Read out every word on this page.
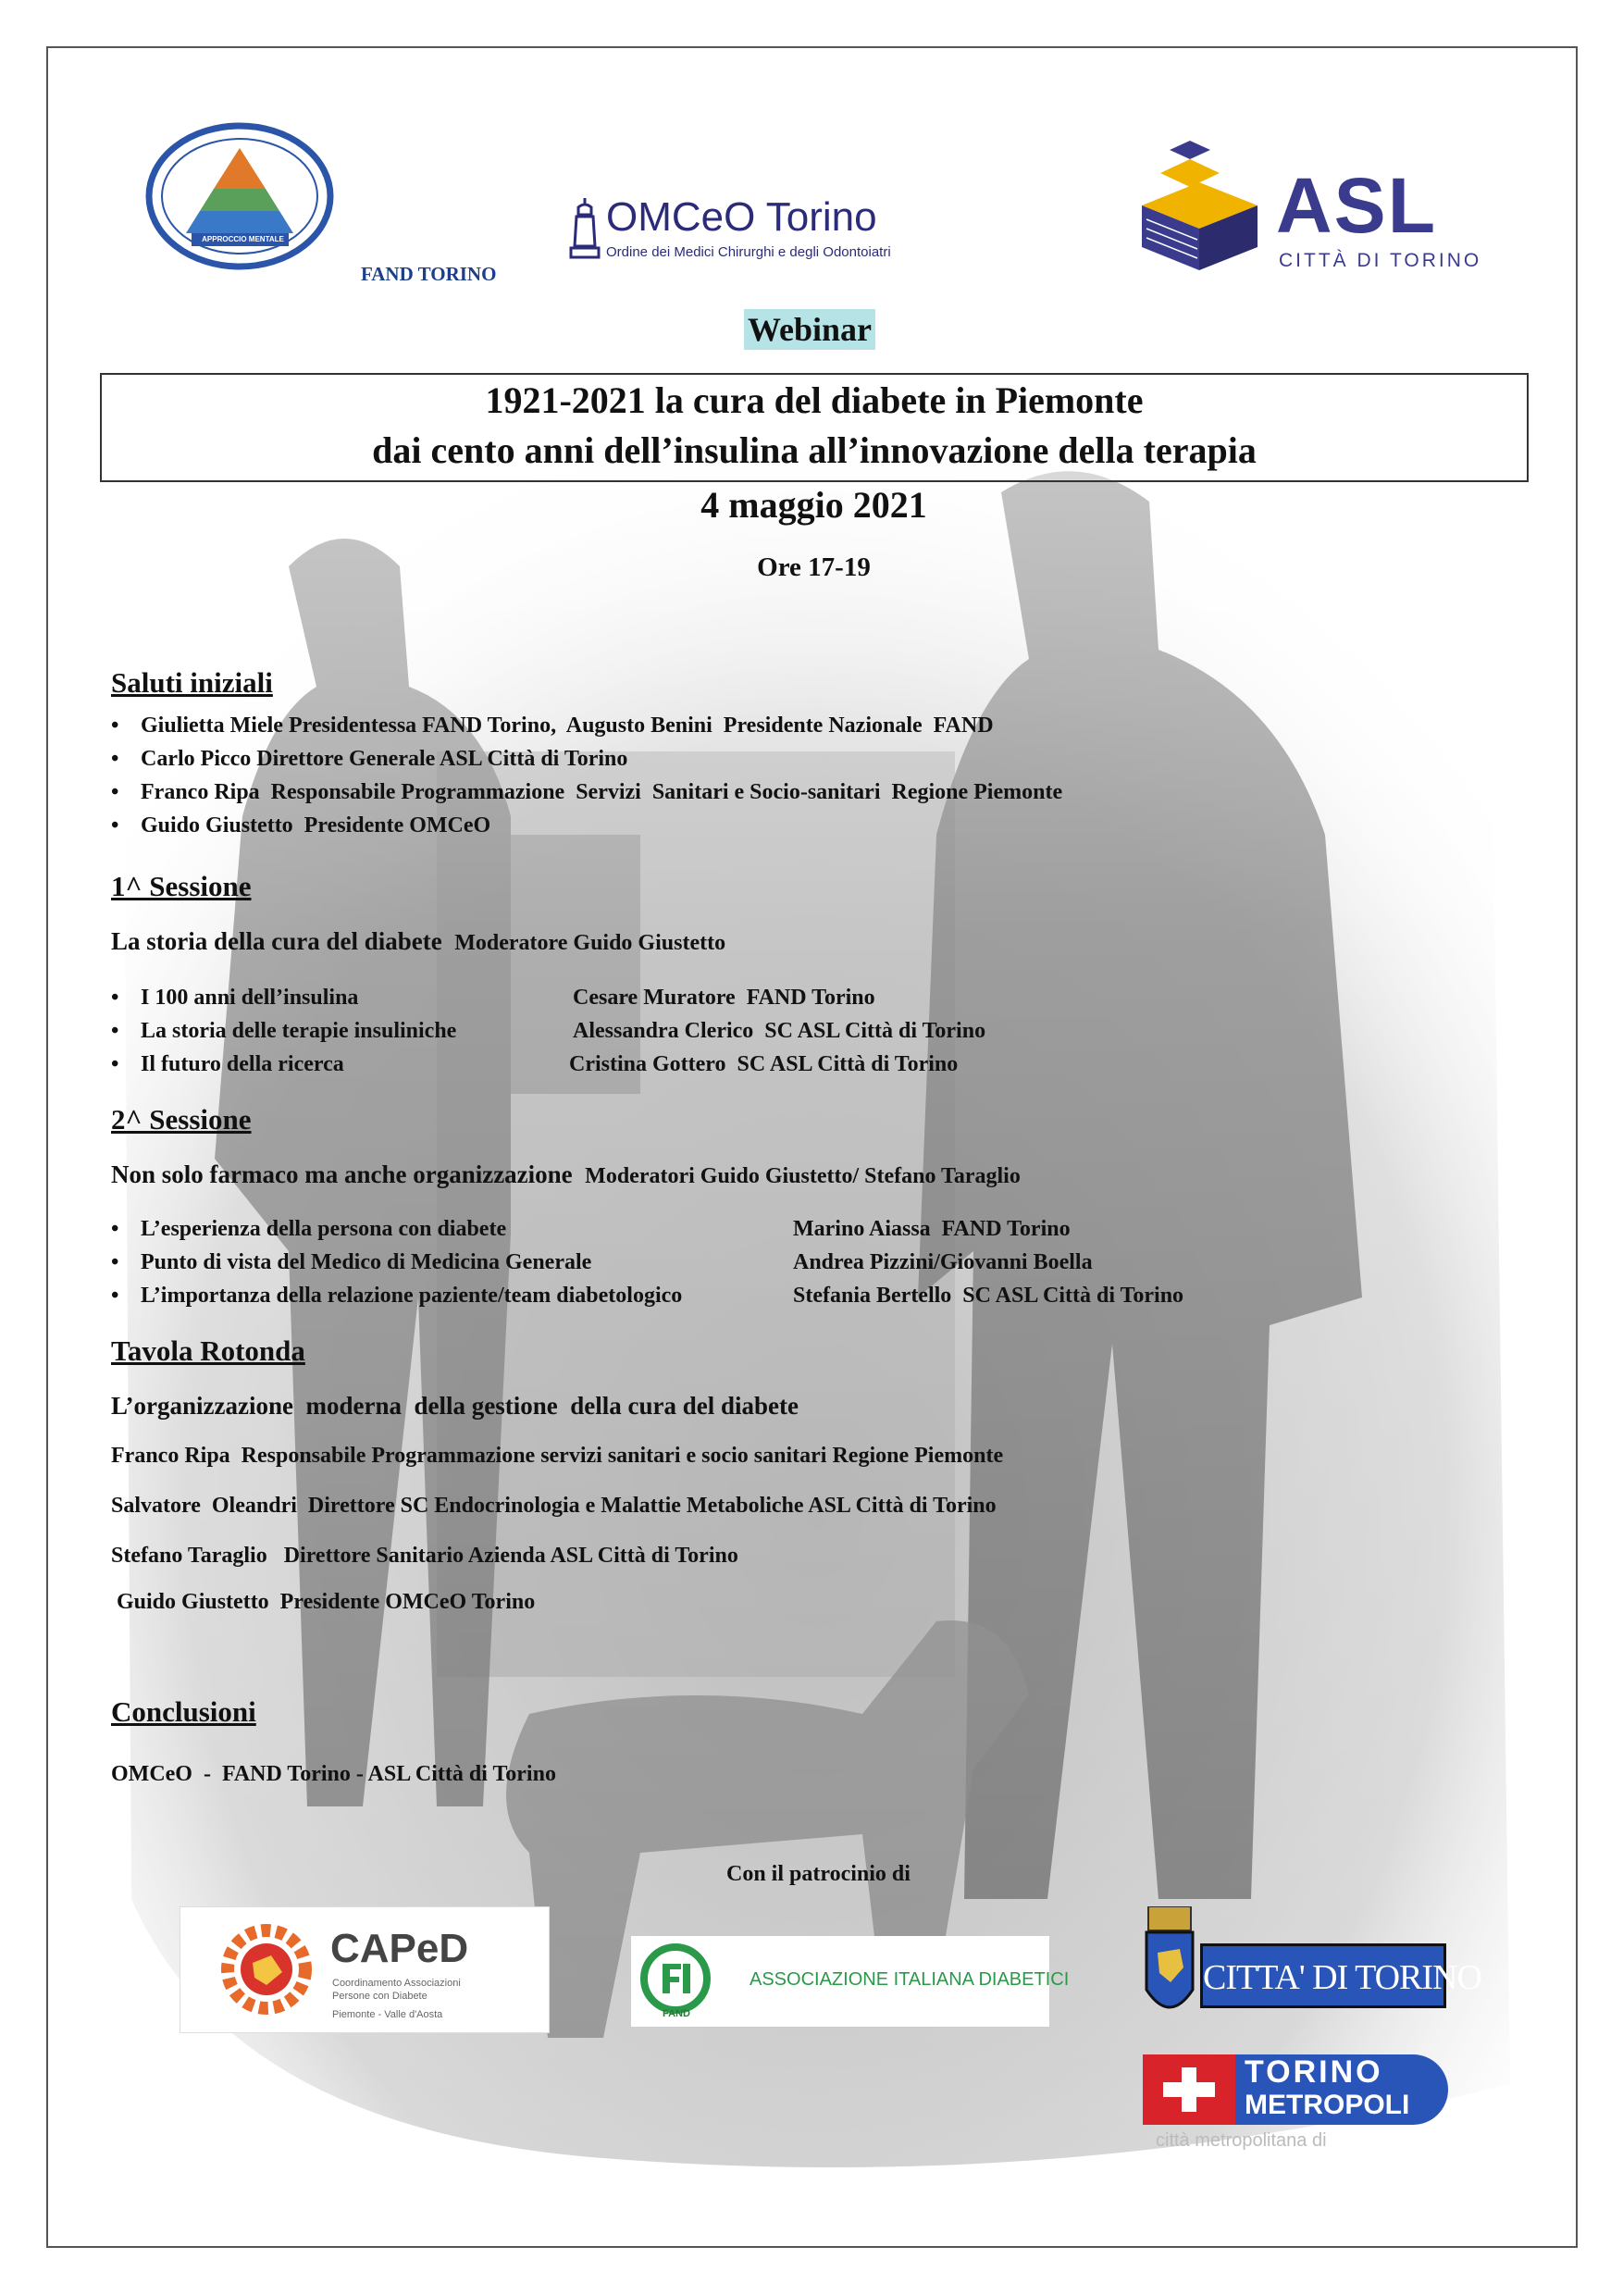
APPROCCIO MENTALE
FAND TORINO
OMCeO Torino
Ordine dei Medici Chirurghi e degli Odontoiatri
ASL
CITTÀ DI TORINO
Webinar
1921-2021 la cura del diabete in Piemonte
dai cento anni dell’insulina all’innovazione della terapia
4 maggio 2021
Ore 17-19
Saluti iniziali
• Giulietta Miele Presidentessa FAND Torino,  Augusto Benini  Presidente Nazionale  FAND
• Carlo Picco Direttore Generale ASL Città di Torino
• Franco Ripa  Responsabile Programmazione  Servizi  Sanitari e Socio-sanitari  Regione Piemonte
• Guido Giustetto  Presidente OMCeO
1^ Sessione
La storia della cura del diabete Moderatore Guido Giustetto
• I 100 anni dell’insulina	Cesare Muratore  FAND Torino
• La storia delle terapie insuliniche	Alessandra Clerico  SC ASL Città di Torino
• Il futuro della ricerca	Cristina Gottero  SC ASL Città di Torino
2^ Sessione
Non solo farmaco ma anche organizzazione Moderatori Guido Giustetto/ Stefano Taraglio
• L’esperienza della persona con diabete	Marino Aiassa  FAND Torino
• Punto di vista del Medico di Medicina Generale	Andrea Pizzini/Giovanni Boella
• L’importanza della relazione paziente/team diabetologico	Stefania Bertello  SC ASL Città di Torino
Tavola Rotonda
L’organizzazione  moderna  della gestione  della cura del diabete
Franco Ripa  Responsabile Programmazione servizi sanitari e socio sanitari Regione Piemonte
Salvatore  Oleandri  Direttore SC Endocrinologia e Malattie Metaboliche ASL Città di Torino
Stefano Taraglio   Direttore Sanitario Azienda ASL Città di Torino
Guido Giustetto  Presidente OMCeO Torino
Conclusioni
OMCeO  -  FAND Torino - ASL Città di Torino
Con il patrocinio di
CAPeD
Coordinamento Associazioni
Persone con Diabete
Piemonte - Valle d'Aosta	FAND
ASSOCIAZIONE ITALIANA DIABETICI	CITTA' DI TORINO
TORINO
METROPOLI
città metropolitana di
